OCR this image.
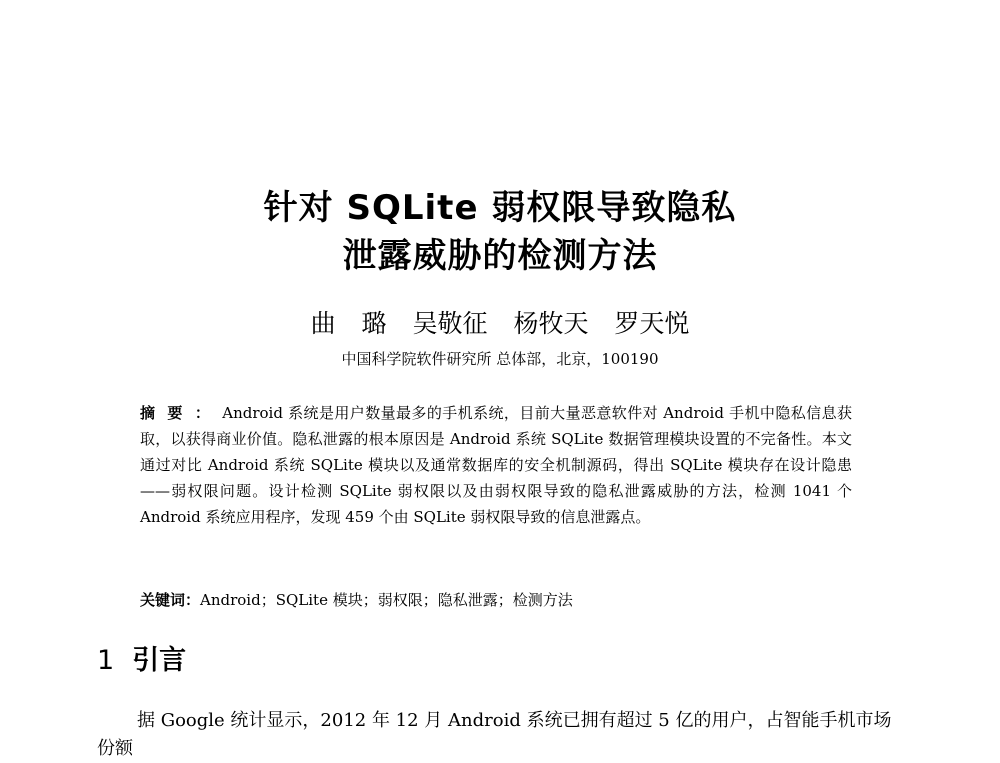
针对 SQLite 弱权限导致隐私
泄露威胁的检测方法
曲 璐 吴敬征 杨牧天 罗天悦
中国科学院软件研究所 总体部，北京，100190
摘要：Android 系统是用户数量最多的手机系统，目前大量恶意软件对 Android 手机中隐私信息获取，以获得商业价值。隐私泄露的根本原因是 Android 系统 SQLite 数据管理模块设置的不完备性。本文通过对比 Android 系统 SQLite 模块以及通常数据库的安全机制源码，得出 SQLite 模块存在设计隐患——弱权限问题。设计检测 SQLite 弱权限以及由弱权限导致的隐私泄露威胁的方法，检测 1041 个 Android 系统应用程序，发现 459 个由 SQLite 弱权限导致的信息泄露点。
关键词：Android；SQLite 模块；弱权限；隐私泄露；检测方法
1 引言
据 Google 统计显示，2012 年 12 月 Android 系统已拥有超过 5 亿的用户，占智能手机市场份额
